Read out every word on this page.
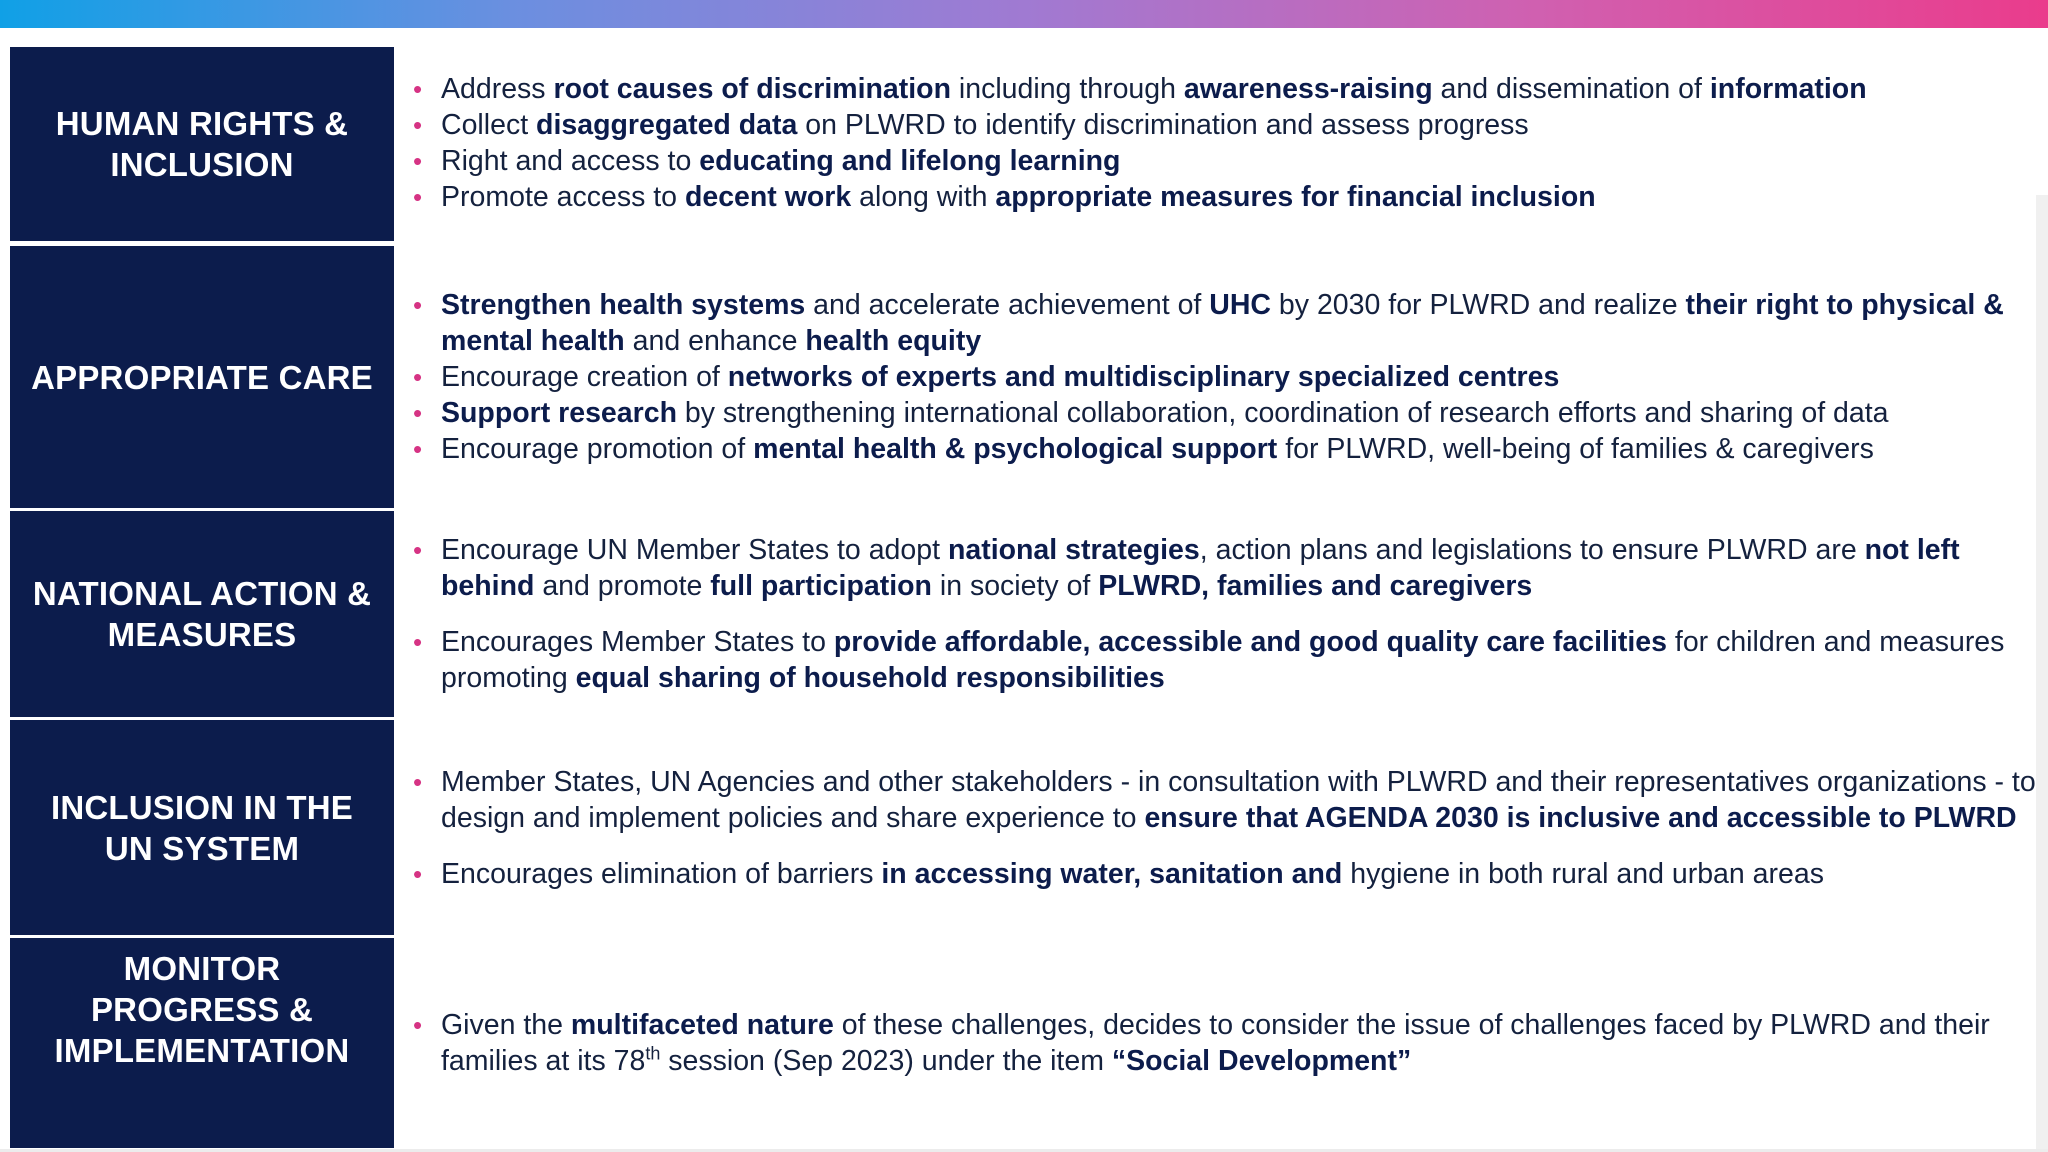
HUMAN RIGHTS &
INCLUSION
• Address root causes of discrimination including through awareness-raising and dissemination of information
• Collect disaggregated data on PLWRD to identify discrimination and assess progress
• Right and access to educating and lifelong learning
• Promote access to decent work along with appropriate measures for financial inclusion
APPROPRIATE CARE
• Strengthen health systems and accelerate achievement of UHC by 2030 for PLWRD and realize their right to physical & mental health and enhance health equity
• Encourage creation of networks of experts and multidisciplinary specialized centres
• Support research by strengthening international collaboration, coordination of research efforts and sharing of data
• Encourage promotion of mental health & psychological support for PLWRD, well-being of families & caregivers
NATIONAL ACTION &
MEASURES
• Encourage UN Member States to adopt national strategies, action plans and legislations to ensure PLWRD are not left behind and promote full participation in society of PLWRD, families and caregivers
• Encourages Member States to provide affordable, accessible and good quality care facilities for children and measures promoting equal sharing of household responsibilities
INCLUSION IN THE
UN SYSTEM
• Member States, UN Agencies and other stakeholders - in consultation with PLWRD and their representatives organizations - to design and implement policies and share experience to ensure that AGENDA 2030 is inclusive and accessible to PLWRD
• Encourages elimination of barriers in accessing water, sanitation and hygiene in both rural and urban areas
MONITOR
PROGRESS &
IMPLEMENTATION
• Given the multifaceted nature of these challenges, decides to consider the issue of challenges faced by PLWRD and their families at its 78th session (Sep 2023) under the item “Social Development”
